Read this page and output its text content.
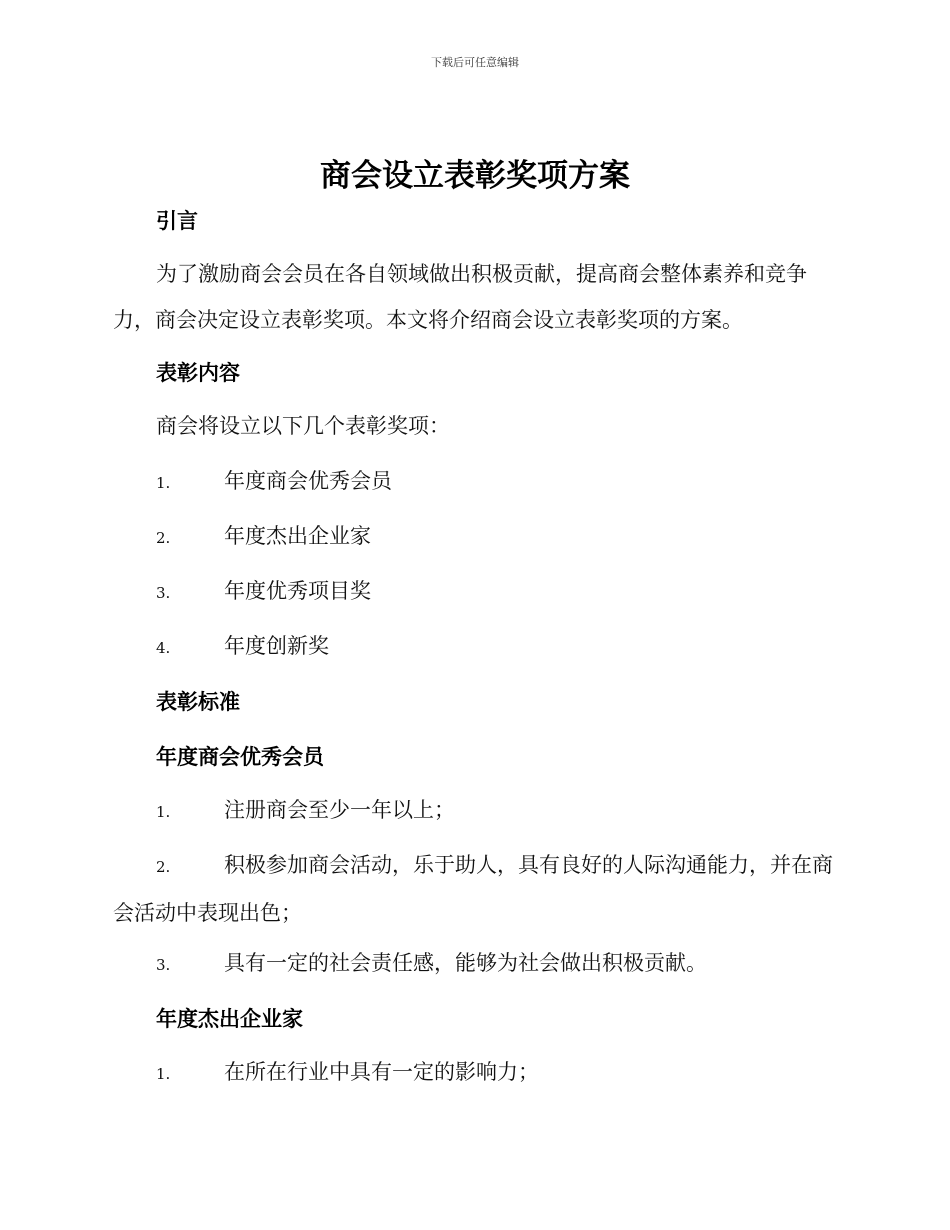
下载后可任意编辑
商会设立表彰奖项方案
引言
为了激励商会会员在各自领域做出积极贡献，提高商会整体素养和竞争力，商会决定设立表彰奖项。本文将介绍商会设立表彰奖项的方案。
表彰内容
商会将设立以下几个表彰奖项：
1.	年度商会优秀会员
2.	年度杰出企业家
3.	年度优秀项目奖
4.	年度创新奖
表彰标准
年度商会优秀会员
1.	注册商会至少一年以上；
2.	积极参加商会活动，乐于助人，具有良好的人际沟通能力，并在商会活动中表现出色；
3.	具有一定的社会责任感，能够为社会做出积极贡献。
年度杰出企业家
1.	在所在行业中具有一定的影响力；
